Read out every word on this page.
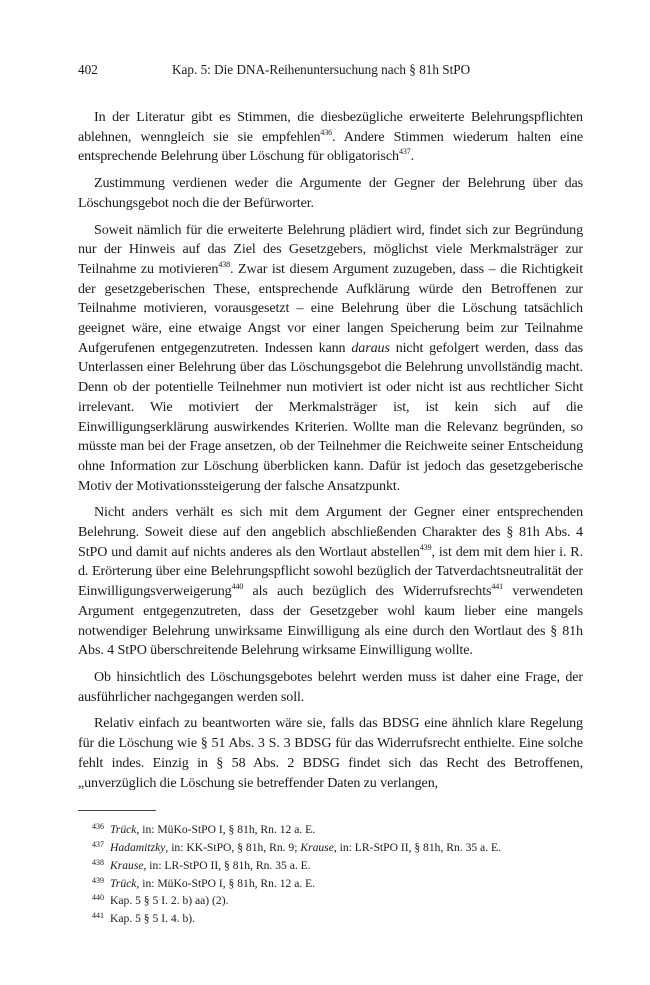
402	Kap. 5: Die DNA-Reihenuntersuchung nach § 81h StPO

In der Literatur gibt es Stimmen, die diesbezügliche erweiterte Belehrungspflichten ablehnen, wenngleich sie sie empfehlen$^{436}$. Andere Stimmen wiederum halten eine entsprechende Belehrung über Löschung für obligatorisch$^{437}$.

Zustimmung verdienen weder die Argumente der Gegner der Belehrung über das Löschungsgebot noch die der Befürworter.

Soweit nämlich für die erweiterte Belehrung plädiert wird, findet sich zur Begründung nur der Hinweis auf das Ziel des Gesetzgebers, möglichst viele Merkmalsträger zur Teilnahme zu motivieren$^{438}$. Zwar ist diesem Argument zuzugeben, dass – die Richtigkeit der gesetzgeberischen These, entsprechende Aufklärung würde den Betroffenen zur Teilnahme motivieren, vorausgesetzt – eine Belehrung über die Löschung tatsächlich geeignet wäre, eine etwaige Angst vor einer langen Speicherung beim zur Teilnahme Aufgerufenen entgegenzutreten. Indessen kann daraus nicht gefolgert werden, dass das Unterlassen einer Belehrung über das Löschungsgebot die Belehrung unvollständig macht. Denn ob der potentielle Teilnehmer nun motiviert ist oder nicht ist aus rechtlicher Sicht irrelevant. Wie motiviert der Merkmalsträger ist, ist kein sich auf die Einwilligungserklärung auswirkendes Kriterien. Wollte man die Relevanz begründen, so müsste man bei der Frage ansetzen, ob der Teilnehmer die Reichweite seiner Entscheidung ohne Information zur Löschung überblicken kann. Dafür ist jedoch das gesetzgeberische Motiv der Motivationssteigerung der falsche Ansatzpunkt.

Nicht anders verhält es sich mit dem Argument der Gegner einer entsprechenden Belehrung. Soweit diese auf den angeblich abschließenden Charakter des § 81h Abs. 4 StPO und damit auf nichts anderes als den Wortlaut abstellen$^{439}$, ist dem mit dem hier i. R. d. Erörterung über eine Belehrungspflicht sowohl bezüglich der Tatverdachtsneutralität der Einwilligungsverweigerung$^{440}$ als auch bezüglich des Widerrufsrechts$^{441}$ verwendeten Argument entgegenzutreten, dass der Gesetzgeber wohl kaum lieber eine mangels notwendiger Belehrung unwirksame Einwilligung als eine durch den Wortlaut des § 81h Abs. 4 StPO überschreitende Belehrung wirksame Einwilligung wollte.

Ob hinsichtlich des Löschungsgebotes belehrt werden muss ist daher eine Frage, der ausführlicher nachgegangen werden soll.

Relativ einfach zu beantworten wäre sie, falls das BDSG eine ähnlich klare Regelung für die Löschung wie § 51 Abs. 3 S. 3 BDSG für das Widerrufsrecht enthielte. Eine solche fehlt indes. Einzig in § 58 Abs. 2 BDSG findet sich das Recht des Betroffenen, „unverzüglich die Löschung sie betreffender Daten zu verlangen,

436 Trück, in: MüKo-StPO I, § 81h, Rn. 12 a. E.
437 Hadamitzky, in: KK-StPO, § 81h, Rn. 9; Krause, in: LR-StPO II, § 81h, Rn. 35 a. E.
438 Krause, in: LR-StPO II, § 81h, Rn. 35 a. E.
439 Trück, in: MüKo-StPO I, § 81h, Rn. 12 a. E.
440 Kap. 5 § 5 I. 2. b) aa) (2).
441 Kap. 5 § 5 I. 4. b).
